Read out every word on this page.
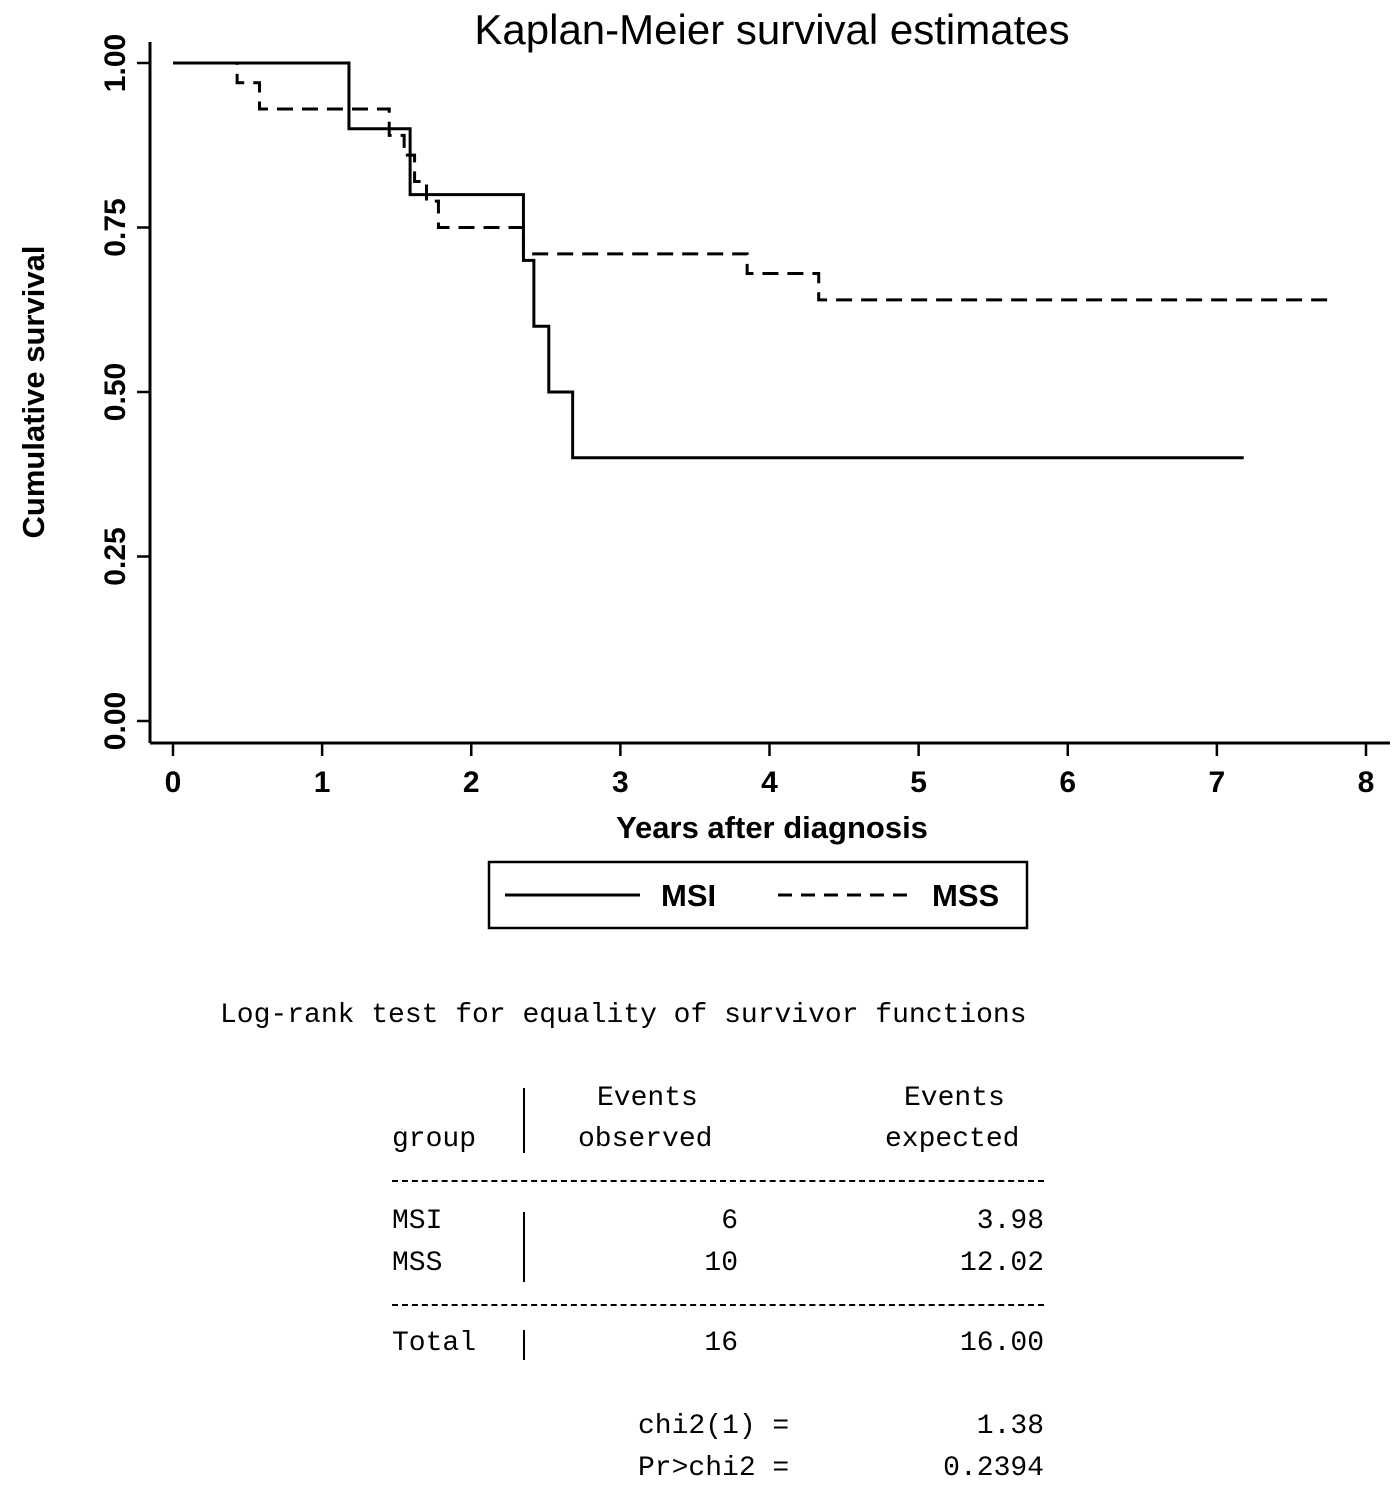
Kaplan-Meier survival estimates
0.00
0.25
0.50
0.75
1.00
0	1	2	3	4	5	6	7	8
Cumulative survival
Years after diagnosis
MSI	MSS
Log-rank test for equality of survivor functions
Events	Events
group	observed	expected
MSI	6	3.98
MSS	10	12.02
Total	16	16.00
chi2(1) =	1.38
Pr>chi2 =	0.2394
